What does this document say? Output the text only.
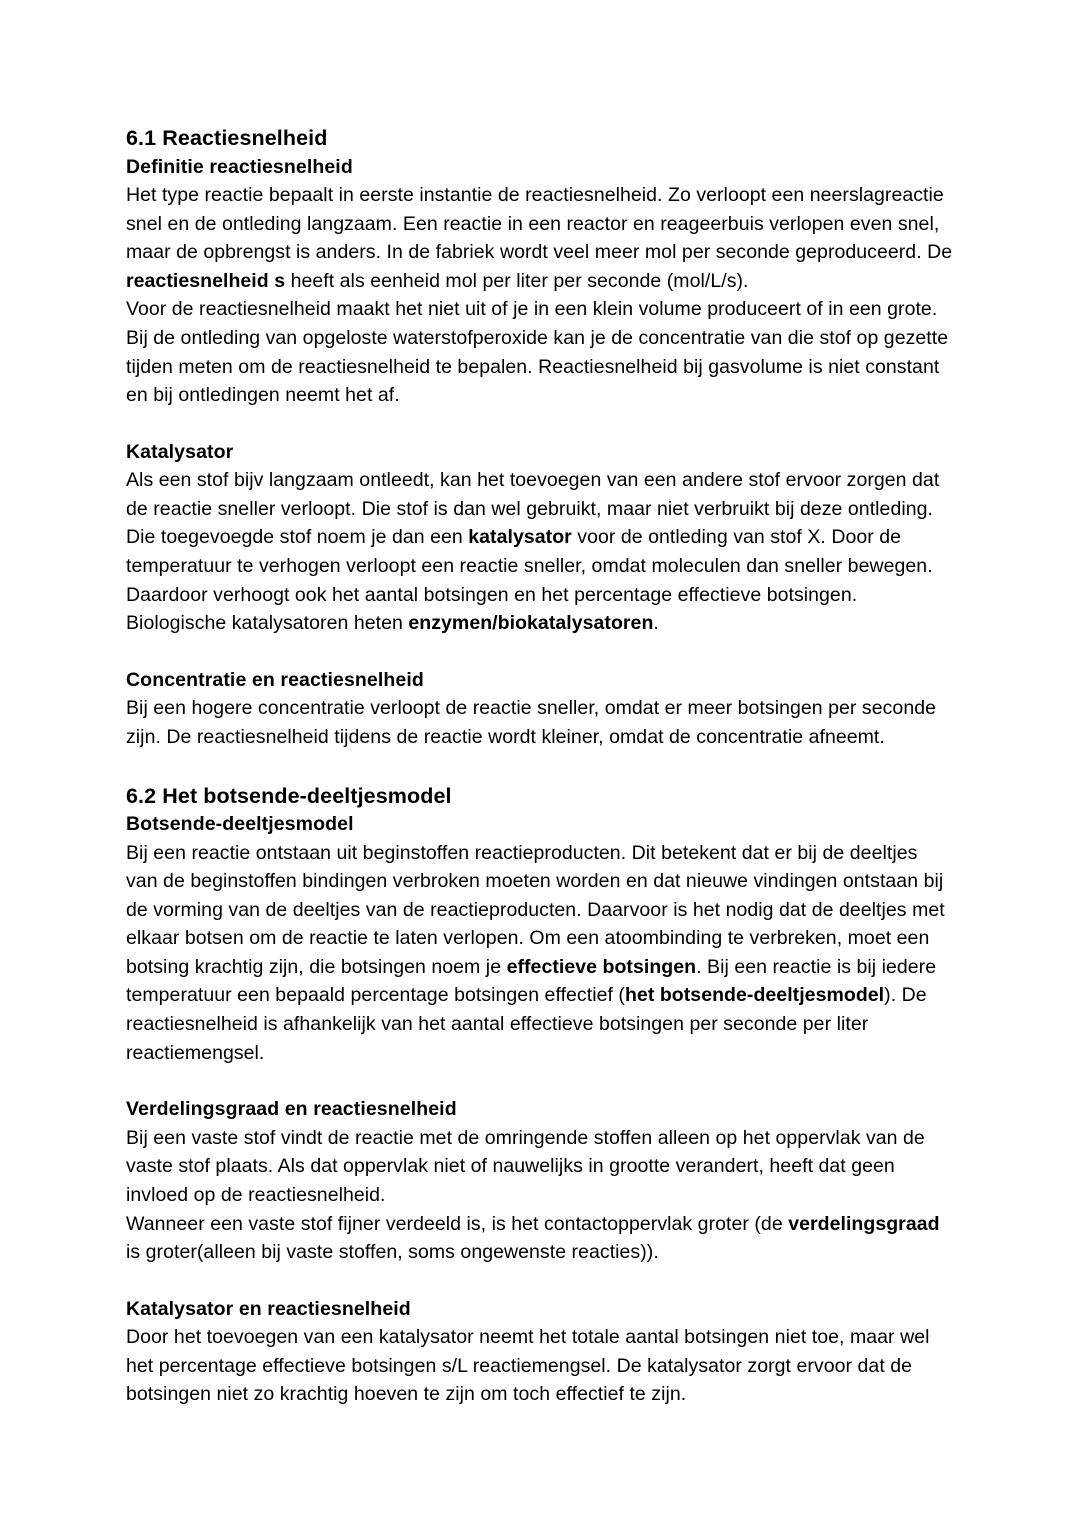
6.1 Reactiesnelheid
Definitie reactiesnelheid

Het type reactie bepaalt in eerste instantie de reactiesnelheid. Zo verloopt een neerslagreactie snel en de ontleding langzaam. Een reactie in een reactor en reageerbuis verlopen even snel, maar de opbrengst is anders. In de fabriek wordt veel meer mol per seconde geproduceerd. De reactiesnelheid s heeft als eenheid mol per liter per seconde (mol/L/s).

Voor de reactiesnelheid maakt het niet uit of je in een klein volume produceert of in een grote. Bij de ontleding van opgeloste waterstofperoxide kan je de concentratie van die stof op gezette tijden meten om de reactiesnelheid te bepalen. Reactiesnelheid bij gasvolume is niet constant en bij ontledingen neemt het af.

Katalysator

Als een stof bijv langzaam ontleedt, kan het toevoegen van een andere stof ervoor zorgen dat de reactie sneller verloopt. Die stof is dan wel gebruikt, maar niet verbruikt bij deze ontleding. Die toegevoegde stof noem je dan een katalysator voor de ontleding van stof X. Door de temperatuur te verhogen verloopt een reactie sneller, omdat moleculen dan sneller bewegen. Daardoor verhoogt ook het aantal botsingen en het percentage effectieve botsingen. Biologische katalysatoren heten enzymen/biokatalysatoren.

Concentratie en reactiesnelheid

Bij een hogere concentratie verloopt de reactie sneller, omdat er meer botsingen per seconde zijn. De reactiesnelheid tijdens de reactie wordt kleiner, omdat de concentratie afneemt.

6.2 Het botsende-deeltjesmodel
Botsende-deeltjesmodel

Bij een reactie ontstaan uit beginstoffen reactieproducten. Dit betekent dat er bij de deeltjes van de beginstoffen bindingen verbroken moeten worden en dat nieuwe vindingen ontstaan bij de vorming van de deeltjes van de reactieproducten. Daarvoor is het nodig dat de deeltjes met elkaar botsen om de reactie te laten verlopen. Om een atoombinding te verbreken, moet een botsing krachtig zijn, die botsingen noem je effectieve botsingen. Bij een reactie is bij iedere temperatuur een bepaald percentage botsingen effectief (het botsende-deeltjesmodel). De reactiesnelheid is afhankelijk van het aantal effectieve botsingen per seconde per liter reactiemengsel.

Verdelingsgraad en reactiesnelheid

Bij een vaste stof vindt de reactie met de omringende stoffen alleen op het oppervlak van de vaste stof plaats. Als dat oppervlak niet of nauwelijks in grootte verandert, heeft dat geen invloed op de reactiesnelheid.

Wanneer een vaste stof fijner verdeeld is, is het contactoppervlak groter (de verdelingsgraad is groter(alleen bij vaste stoffen, soms ongewenste reacties)).

Katalysator en reactiesnelheid

Door het toevoegen van een katalysator neemt het totale aantal botsingen niet toe, maar wel het percentage effectieve botsingen s/L reactiemengsel. De katalysator zorgt ervoor dat de botsingen niet zo krachtig hoeven te zijn om toch effectief te zijn.
